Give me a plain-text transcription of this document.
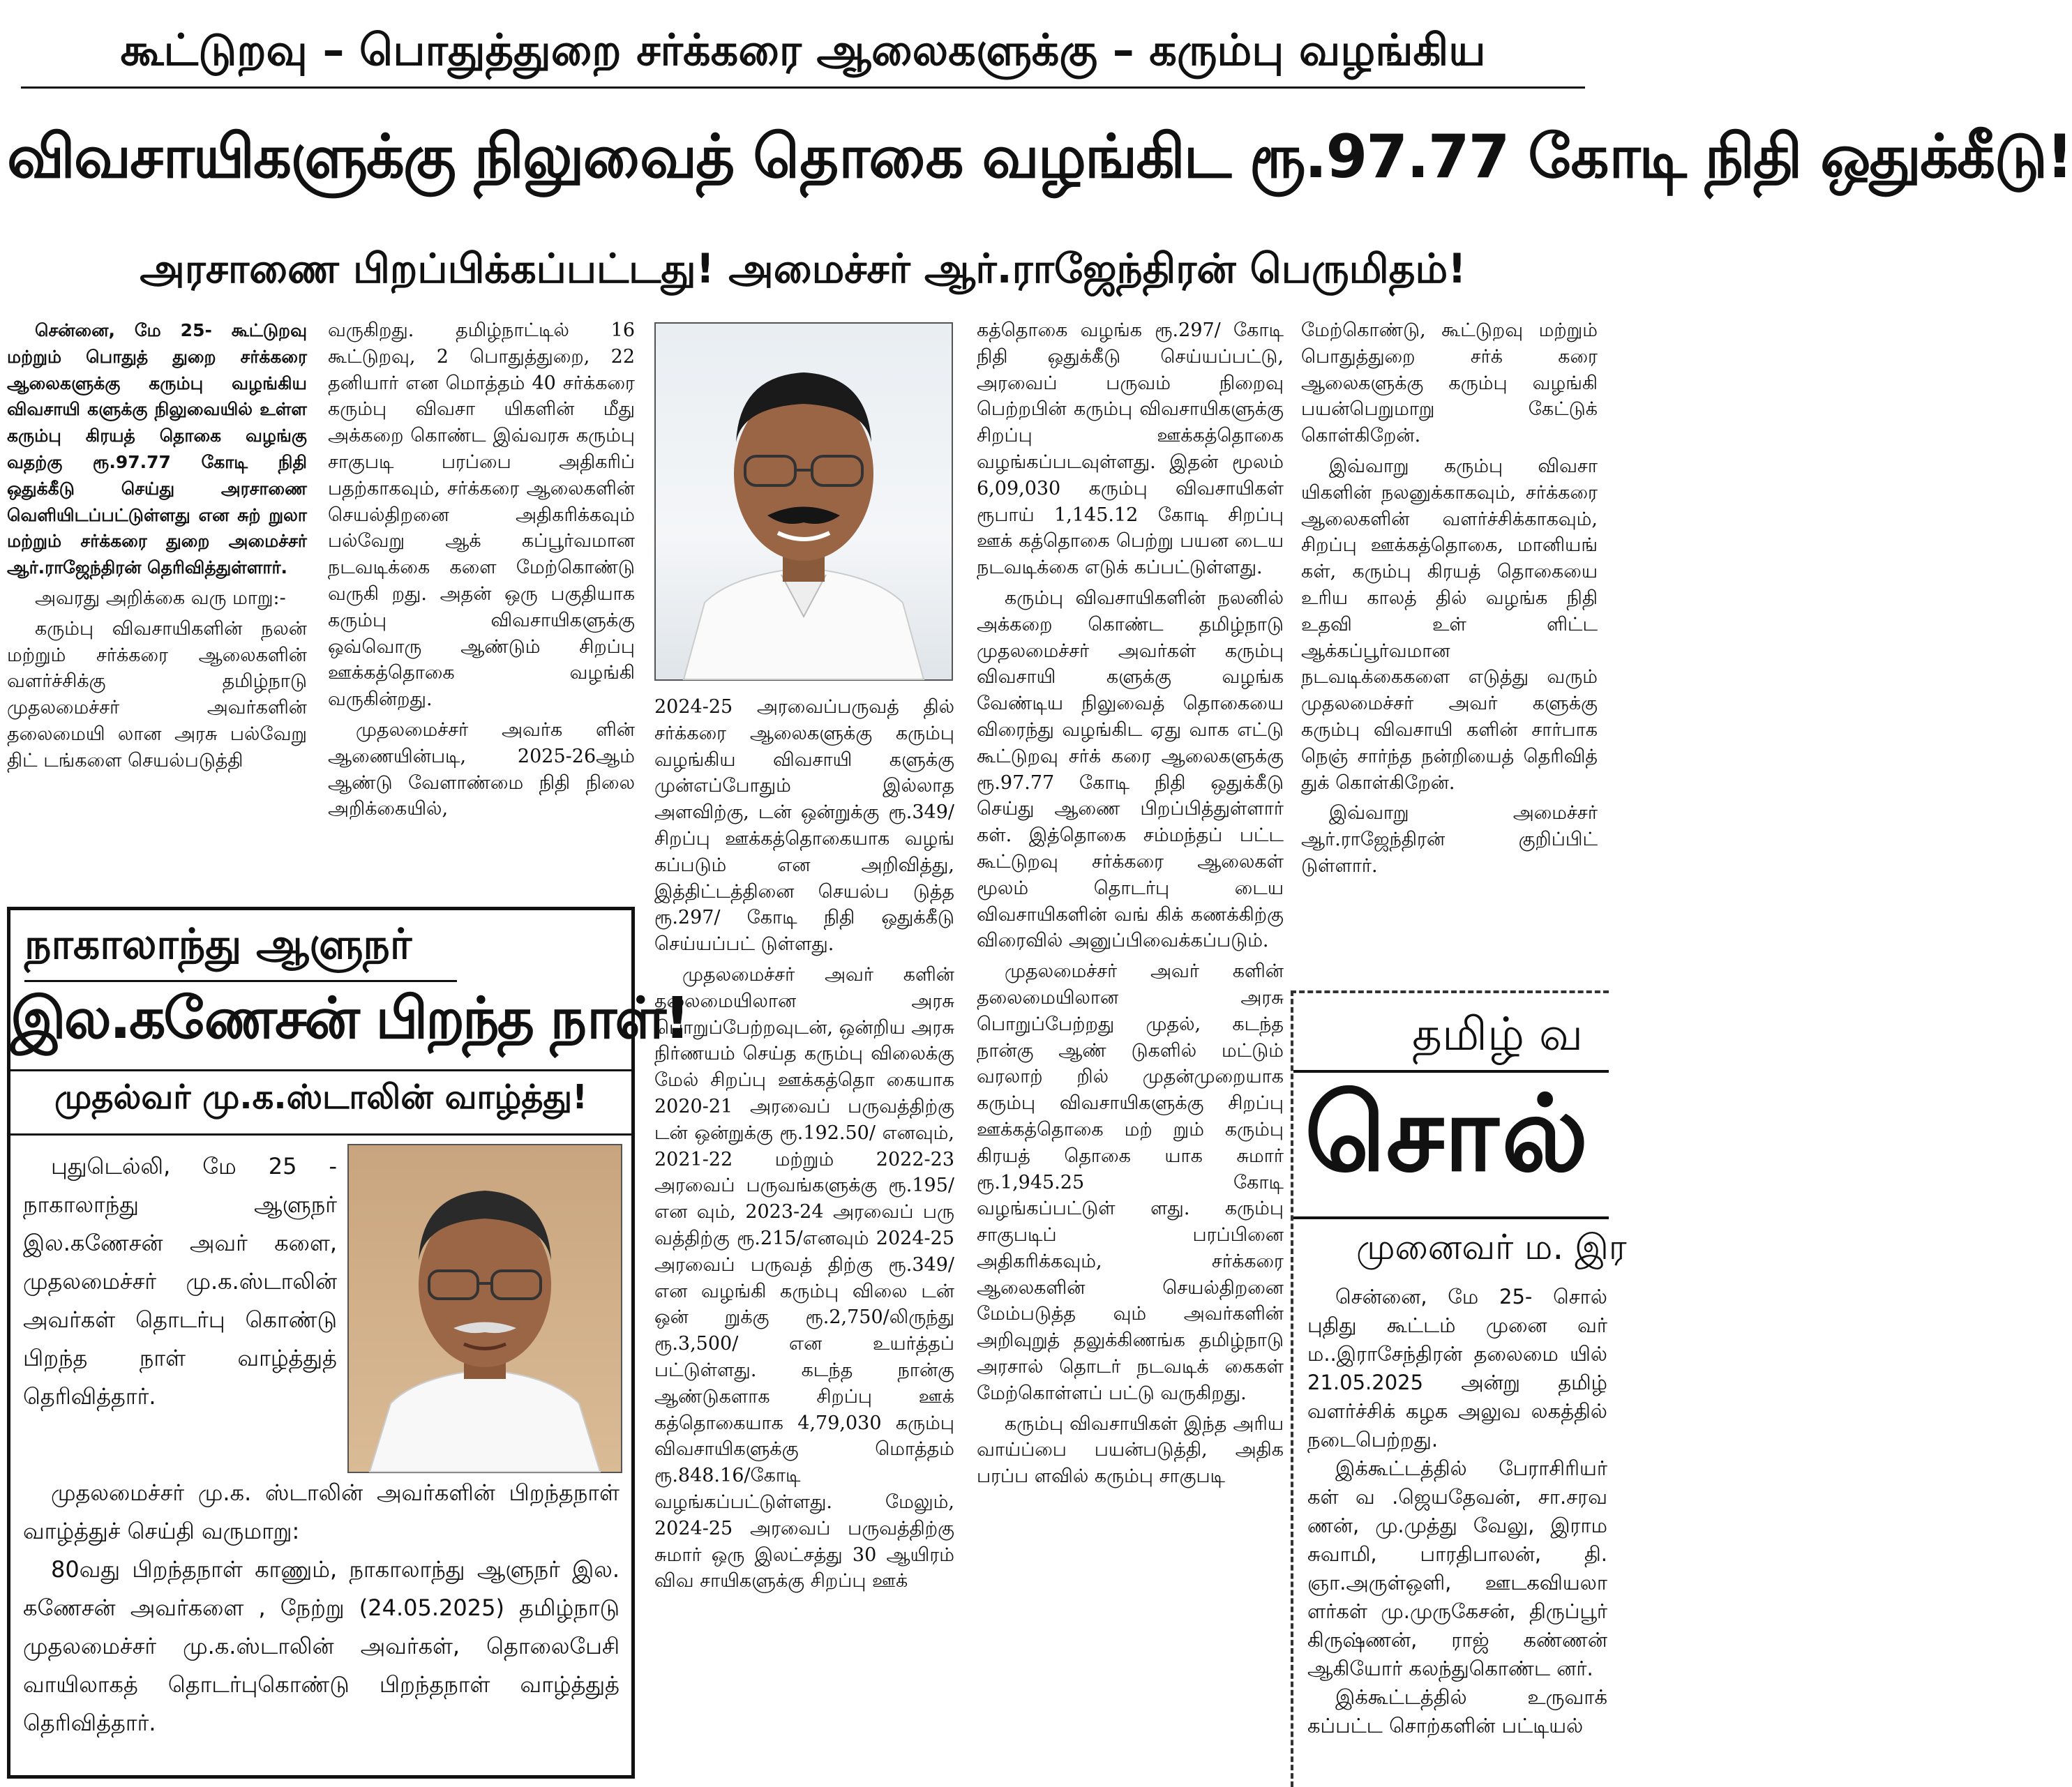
கூட்டுறவு – பொதுத்துறை சர்க்கரை ஆலைகளுக்கு – கரும்பு வழங்கிய
விவசாயிகளுக்கு நிலுவைத் தொகை வழங்கிட ரூ.97.77 கோடி நிதி ஒதுக்கீடு!
அரசாணை பிறப்பிக்கப்பட்டது! அமைச்சர் ஆர்.ராஜேந்திரன் பெருமிதம்!

சென்னை, மே 25- கூட்டுறவு மற்றும் பொதுத் துறை சர்க்கரை ஆலைகளுக்கு கரும்பு வழங்கிய விவசாயி களுக்கு நிலுவையில் உள்ள கரும்பு கிரயத் தொகை வழங்கு வதற்கு ரூ.97.77 கோடி நிதி ஒதுக்கீடு செய்து அரசாணை வெளியிடப்பட்டுள்ளது என சுற் றுலா மற்றும் சர்க்கரை துறை அமைச்சர் ஆர்.ராஜேந்திரன் தெரிவித்துள்ளார்.

அவரது அறிக்கை வரு மாறு:-

கரும்பு விவசாயிகளின் நலன் மற்றும் சர்க்கரை ஆலைகளின் வளர்ச்சிக்கு தமிழ்நாடு முதலமைச்சர் அவர்களின் தலைமையி லான அரசு பல்வேறு திட் டங்களை செயல்படுத்தி

வருகிறது. தமிழ்நாட்டில் 16 கூட்டுறவு, 2 பொதுத்துறை, 22 தனியார் என மொத்தம் 40 சர்க்கரை கரும்பு விவசா யிகளின் மீது அக்கறை கொண்ட இவ்வரசு கரும்பு சாகுபடி பரப்பை அதிகரிப் பதற்காகவும், சர்க்கரை ஆலைகளின் செயல்திறனை அதிகரிக்கவும் பல்வேறு ஆக் கப்பூர்வமான நடவடிக்கை களை மேற்கொண்டு வருகி றது. அதன் ஒரு பகுதியாக கரும்பு விவசாயிகளுக்கு ஒவ்வொரு ஆண்டும் சிறப்பு ஊக்கத்தொகை வழங்கி வருகின்றது.

முதலமைச்சர் அவர்க ளின் ஆணையின்படி, 2025-26ஆம் ஆண்டு வேளாண்மை நிதி நிலை அறிக்கையில்,

2024-25 அரவைப்பருவத் தில் சர்க்கரை ஆலைகளுக்கு கரும்பு வழங்கிய விவசாயி களுக்கு முன்எப்போதும் இல்லாத அளவிற்கு, டன் ஒன்றுக்கு ரூ.349/ சிறப்பு ஊக்கத்தொகையாக வழங் கப்படும் என அறிவித்து, இத்திட்டத்தினை செயல்ப டுத்த ரூ.297/ கோடி நிதி ஒதுக்கீடு செய்யப்பட் டுள்ளது.

முதலமைச்சர் அவர் களின் தலைமையிலான அரசு பொறுப்பேற்றவுடன், ஒன்றிய அரசு நிர்ணயம் செய்த கரும்பு விலைக்கு மேல் சிறப்பு ஊக்கத்தொ கையாக 2020-21 அரவைப் பருவத்திற்கு டன் ஒன்றுக்கு ரூ.192.50/ எனவும், 2021-22 மற்றும் 2022-23 அரவைப் பருவங்களுக்கு ரூ.195/ என வும், 2023-24 அரவைப் பரு வத்திற்கு ரூ.215/எனவும் 2024-25 அரவைப் பருவத் திற்கு ரூ.349/ என வழங்கி கரும்பு விலை டன் ஒன் றுக்கு ரூ.2,750/லிருந்து ரூ.3,500/ என உயர்த்தப் பட்டுள்ளது. கடந்த நான்கு ஆண்டுகளாக சிறப்பு ஊக் கத்தொகையாக 4,79,030 கரும்பு விவசாயிகளுக்கு மொத்தம் ரூ.848.16/கோடி வழங்கப்பட்டுள்ளது. மேலும், 2024-25 அரவைப் பருவத்திற்கு சுமார் ஒரு இலட்சத்து 30 ஆயிரம் விவ சாயிகளுக்கு சிறப்பு ஊக்

கத்தொகை வழங்க ரூ.297/ கோடி நிதி ஒதுக்கீடு செய்யப்பட்டு, அரவைப் பருவம் நிறைவு பெற்றபின் கரும்பு விவசாயிகளுக்கு சிறப்பு ஊக்கத்தொகை வழங்கப்படவுள்ளது. இதன் மூலம் 6,09,030 கரும்பு விவசாயிகள் ரூபாய் 1,145.12 கோடி சிறப்பு ஊக் கத்தொகை பெற்று பயன டைய நடவடிக்கை எடுக் கப்பட்டுள்ளது.

கரும்பு விவசாயிகளின் நலனில் அக்கறை கொண்ட தமிழ்நாடு முதலமைச்சர் அவர்கள் கரும்பு விவசாயி களுக்கு வழங்க வேண்டிய நிலுவைத் தொகையை விரைந்து வழங்கிட ஏது வாக எட்டு கூட்டுறவு சர்க் கரை ஆலைகளுக்கு ரூ.97.77 கோடி நிதி ஒதுக்கீடு செய்து ஆணை பிறப்பித்துள்ளார் கள். இத்தொகை சம்மந்தப் பட்ட கூட்டுறவு சர்க்கரை ஆலைகள் மூலம் தொடர்பு டைய விவசாயிகளின் வங் கிக் கணக்கிற்கு விரைவில் அனுப்பிவைக்கப்படும்.

முதலமைச்சர் அவர் களின் தலைமையிலான அரசு பொறுப்பேற்றது முதல், கடந்த நான்கு ஆண் டுகளில் மட்டும் வரலாற் றில் முதன்முறையாக கரும்பு விவசாயிகளுக்கு சிறப்பு ஊக்கத்தொகை மற் றும் கரும்பு கிரயத் தொகை யாக சுமார் ரூ.1,945.25 கோடி வழங்கப்பட்டுள் ளது. கரும்பு சாகுபடிப் பரப்பினை அதிகரிக்கவும், சர்க்கரை ஆலைகளின் செயல்திறனை மேம்படுத்த வும் அவர்களின் அறிவுறுத் தலுக்கிணங்க தமிழ்நாடு அரசால் தொடர் நடவடிக் கைகள் மேற்கொள்ளப் பட்டு வருகிறது.

கரும்பு விவசாயிகள் இந்த அரிய வாய்ப்பை பயன்படுத்தி, அதிக பரப்ப ளவில் கரும்பு சாகுபடி

மேற்கொண்டு, கூட்டுறவு மற்றும் பொதுத்துறை சர்க் கரை ஆலைகளுக்கு கரும்பு வழங்கி பயன்பெறுமாறு கேட்டுக் கொள்கிறேன்.

இவ்வாறு கரும்பு விவசா யிகளின் நலனுக்காகவும், சர்க்கரை ஆலைகளின் வளர்ச்சிக்காகவும், சிறப்பு ஊக்கத்தொகை, மானியங் கள், கரும்பு கிரயத் தொகையை உரிய காலத் தில் வழங்க நிதி உதவி உள் ளிட்ட ஆக்கப்பூர்வமான நடவடிக்கைகளை எடுத்து வரும் முதலமைச்சர் அவர் களுக்கு கரும்பு விவசாயி களின் சார்பாக நெஞ் சார்ந்த நன்றியைத் தெரிவித் துக் கொள்கிறேன்.

இவ்வாறு அமைச்சர் ஆர்.ராஜேந்திரன் குறிப்பிட் டுள்ளார்.

நாகாலாந்து ஆளுநர்
இல.கணேசன் பிறந்த நாள்!
முதல்வர் மு.க.ஸ்டாலின் வாழ்த்து!

புதுடெல்லி, மே 25 - நாகாலாந்து ஆளுநர் இல.கணேசன் அவர் களை, முதலமைச்சர் மு.க.ஸ்டாலின் அவர்கள் தொடர்பு கொண்டு பிறந்த நாள் வாழ்த்துத் தெரிவித்தார்.

முதலமைச்சர் மு.க. ஸ்டாலின் அவர்களின் பிறந்தநாள் வாழ்த்துச் செய்தி வருமாறு:

80வது பிறந்தநாள் காணும், நாகாலாந்து ஆளுநர் இல. கணேசன் அவர்களை , நேற்று (24.05.2025) தமிழ்நாடு முதலமைச்சர் மு.க.ஸ்டாலின் அவர்கள், தொலைபேசி வாயிலாகத் தொடர்புகொண்டு பிறந்தநாள் வாழ்த்துத் தெரிவித்தார்.

தமிழ் வ
சொல்
முனைவர் ம. இர

சென்னை, மே 25- சொல் புதிது கூட்டம் முனை வர் ம..இராசேந்திரன் தலைமை யில் 21.05.2025 அன்று தமிழ் வளர்ச்சிக் கழக அலுவ லகத்தில் நடைபெற்றது.

இக்கூட்டத்தில் பேராசிரியர் கள் வ .ஜெயதேவன், சா.சரவ ணன், மு.முத்து வேலு, இராம சுவாமி, பாரதிபாலன், தி. ஞா.அருள்ஒளி, ஊடகவியலா ளர்கள் மு.முருகேசன், திருப்பூர் கிருஷ்ணன், ராஜ் கண்ணன் ஆகியோர் கலந்துகொண்ட னர்.

இக்கூட்டத்தில் உருவாக் கப்பட்ட சொற்களின் பட்டியல்
